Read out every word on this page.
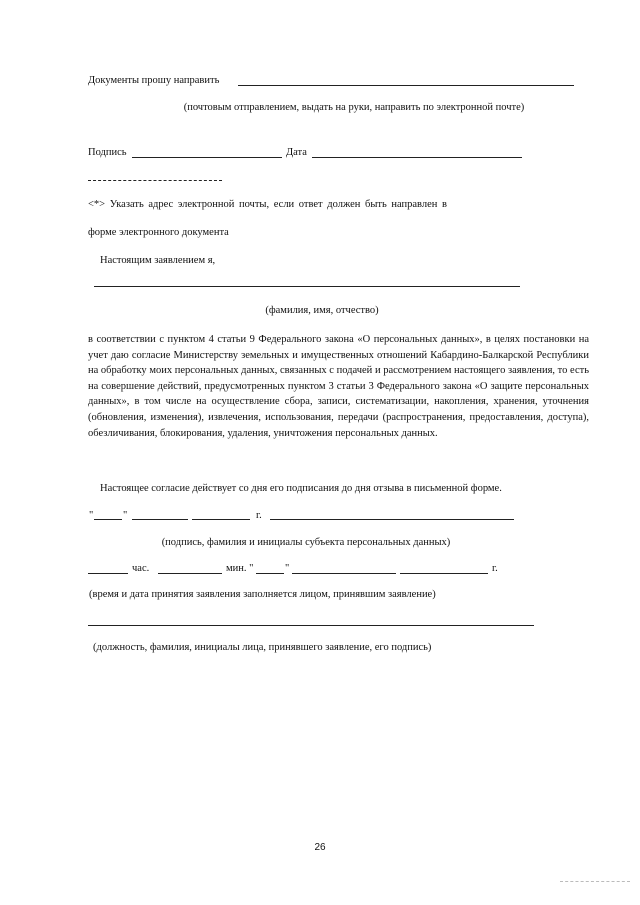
Документы прошу направить
(почтовым отправлением, выдать на руки, направить по электронной почте)
Подпись	Дата
<*> Указать адрес электронной почты, если ответ должен быть направлен в
форме электронного документа
Настоящим заявлением я,
(фамилия, имя, отчество)
в соответствии с пунктом 4 статьи 9 Федерального закона «О персональных данных», в целях постановки на учет даю согласие Министерству земельных и имущественных отношений Кабардино-Балкарской Республики на обработку моих персональных данных, связанных с подачей и рассмотрением настоящего заявления, то есть на совершение действий, предусмотренных пунктом 3 статьи 3 Федерального закона «О защите персональных данных», в том числе на осуществление сбора, записи, систематизации, накопления, хранения, уточнения (обновления, изменения), извлечения, использования, передачи (распространения, предоставления, доступа), обезличивания, блокирования, удаления, уничтожения персональных данных.
Настоящее согласие действует со дня его подписания до дня отзыва в письменной форме.
"	"	г.
(подпись, фамилия и инициалы субъекта персональных данных)
час.	мин. "	"	г.
(время и дата принятия заявления заполняется лицом, принявшим заявление)
(должность, фамилия, инициалы лица, принявшего заявление, его подпись)
26
